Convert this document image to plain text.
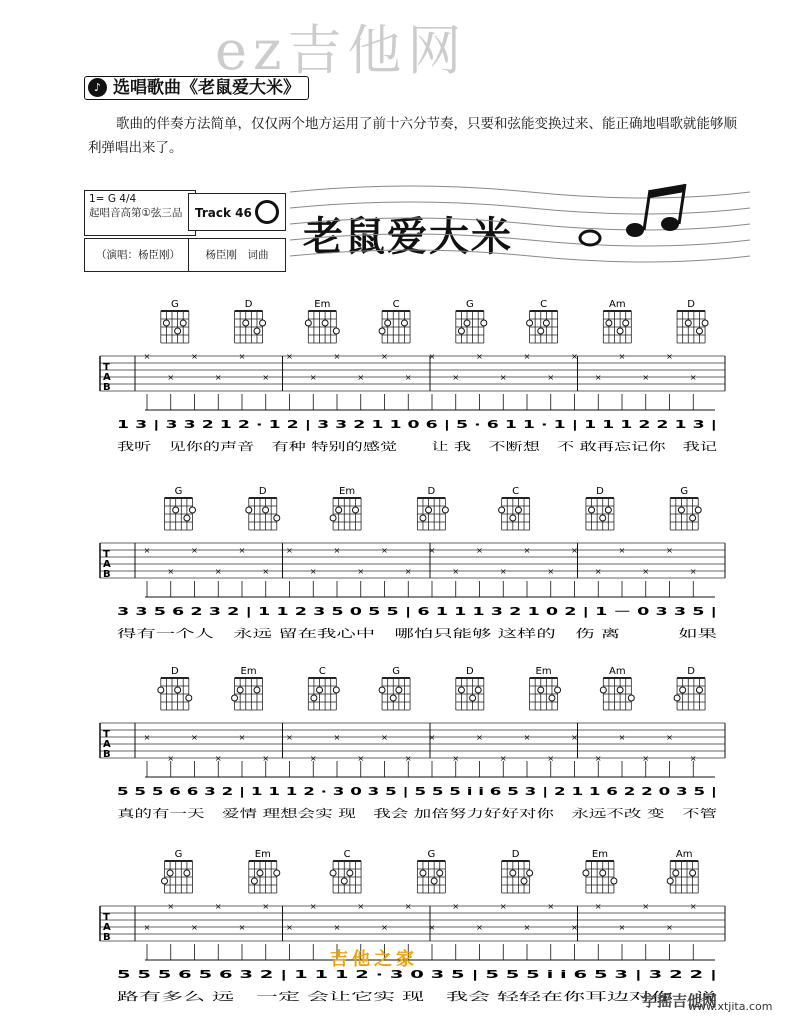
ez吉他网
♪ 选唱歌曲《老鼠爱大米》
歌曲的伴奏方法简单，仅仅两个地方运用了前十六分节奏，只要和弦能变换过来、能正确地唱歌就能够顺利弹唱出来了。
1= G 4/4
起唱音高第①弦三品	Track 46
（演唱：杨臣刚）	杨臣刚　词曲 老鼠爱大米
G	D	Em	C	G	C	Am	D
T
A
B
×
×
×
×
×
×
×
×
×
×
×
×
×
×
×
×
×
×
×
×
×
×
×
×
1 3 | 3 3 2 1 2 · 1 2 | 3 3 2 1 1 0 6 | 5 · 6 1 1 · 1 | 1 1 1 2 2 1 3 |
我听　见你的声音　有种 特别的感觉　　让 我　不断想　不 敢再忘记你　我记
G	D	Em	D	C	D	G
T
A
B
×
×
×
×
×
×
×
×
×
×
×
×
×
×
×
×
×
×
×
×
×
×
×
×
3 3 5 6 2 3 2 | 1 1 2 3 5 0 5 5 | 6 1 1 1 3 2 1 0 2 | 1 － 0 3 3 5 |
得有一个人　永远 留在我心中　哪怕只能够 这样的　伤 离　　　如果
D	Em	C	G	D	Em	Am	D
T
A
B
×
×
×
×
×
×
×
×
×
×
×
×
×
×
×
×
×
×
×
×
×
×
×
×
5 5 5 6 6 3 2 | 1 1 1 2 · 3 0 3 5 | 5 5 5 i i 6 5 3 | 2 1 1 6 2 2 0 3 5 |
真的有一天　爱情 理想会实 现　我会 加倍努力好好对你　永远不改 变　不管
G	Em	C	G	D	Em	Am
T
A
B
×
×
×
×
×
×
×
×
×
×
×
×
×
×
×
×
×
×
×
×
×
×
×
×
5 5 5 6 5 6 3 2 | 1 1 1 2 · 3 0 3 5 | 5 5 5 i i 6 5 3 | 3 2 2 |
路有多么 远　一定 会让它实 现　我会 轻轻在你耳边对你　说
吉他之家
字摇吉他网
www.xtjita.com
